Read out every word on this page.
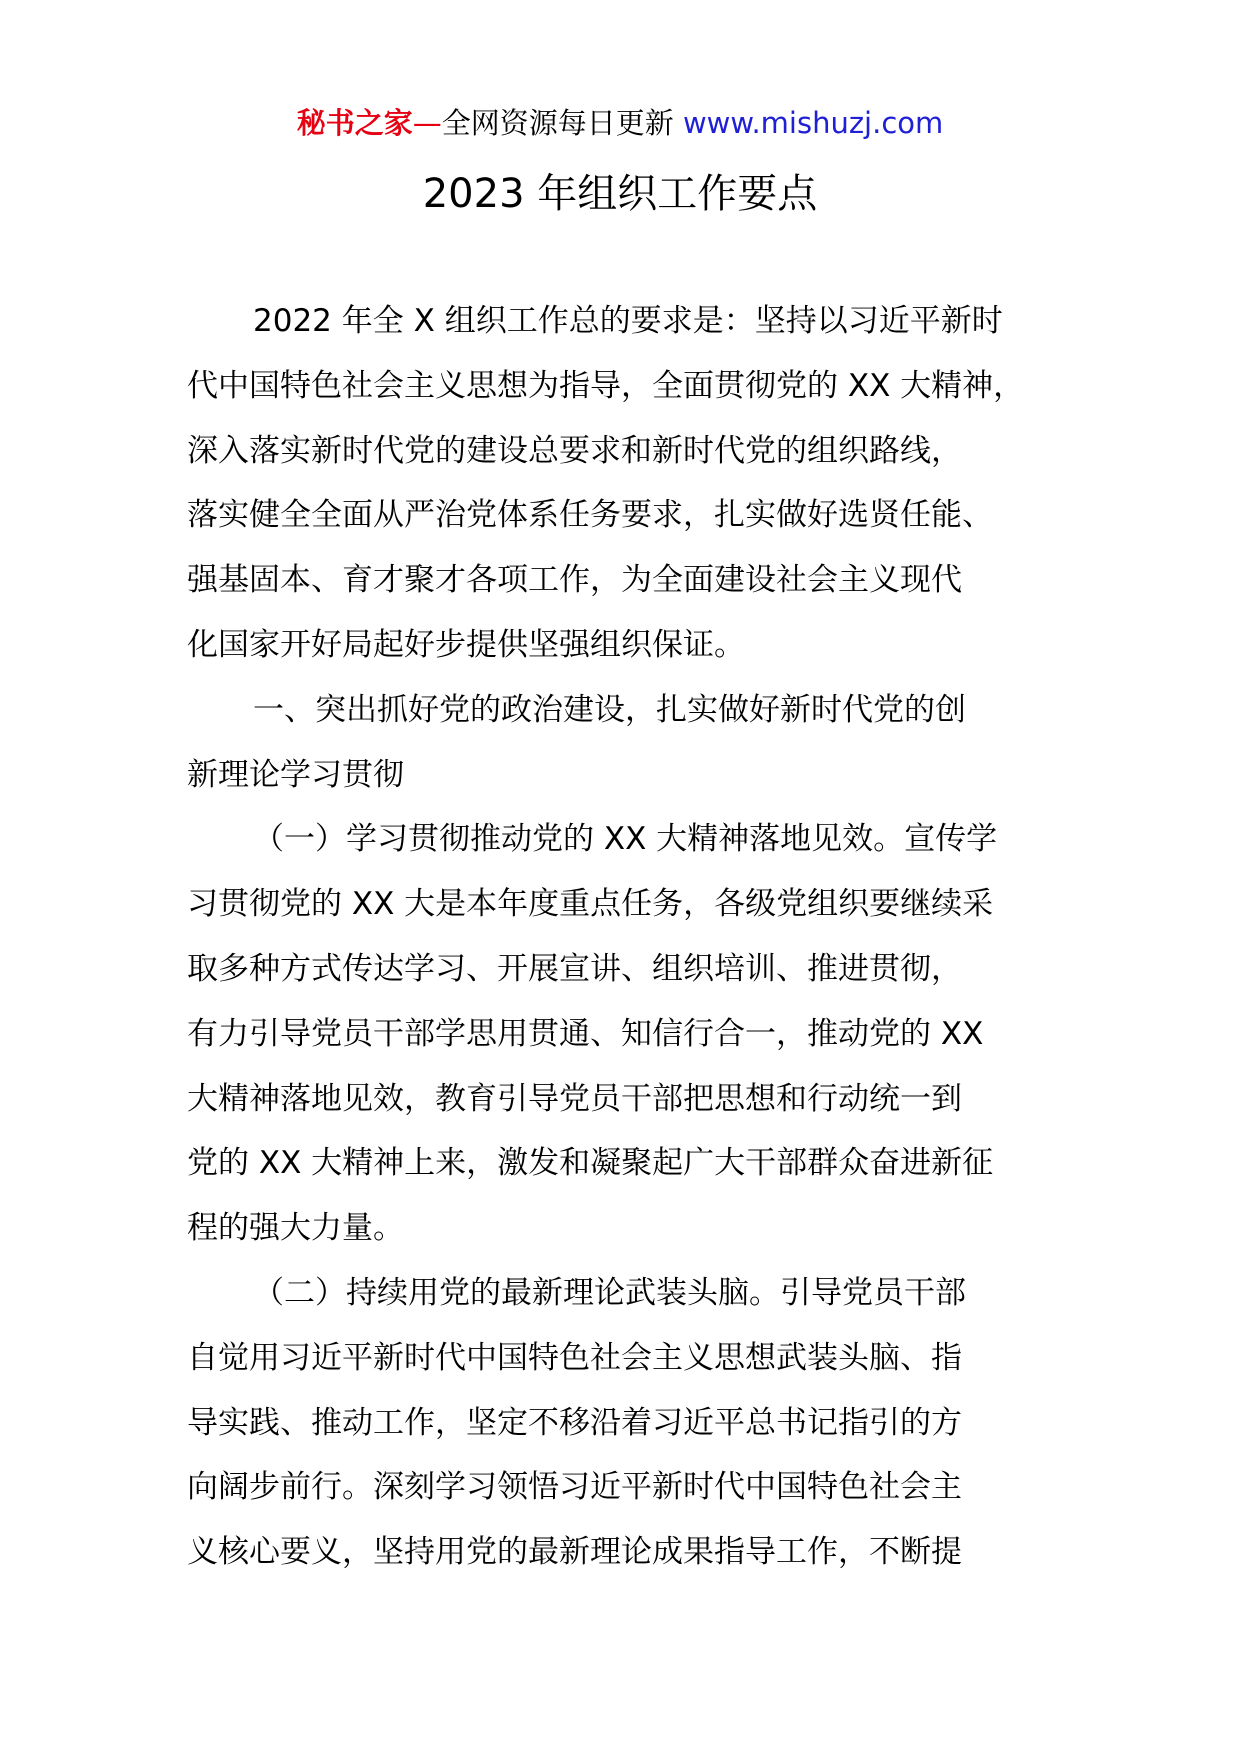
秘书之家—全网资源每日更新 www.mishuzj.com
2023 年组织工作要点
2022 年全 X 组织工作总的要求是：坚持以习近平新时
代中国特色社会主义思想为指导，全面贯彻党的 XX 大精神，
深入落实新时代党的建设总要求和新时代党的组织路线，
落实健全全面从严治党体系任务要求，扎实做好选贤任能、
强基固本、育才聚才各项工作，为全面建设社会主义现代
化国家开好局起好步提供坚强组织保证。
一、突出抓好党的政治建设，扎实做好新时代党的创
新理论学习贯彻
（一）学习贯彻推动党的 XX 大精神落地见效。宣传学
习贯彻党的 XX 大是本年度重点任务，各级党组织要继续采
取多种方式传达学习、开展宣讲、组织培训、推进贯彻，
有力引导党员干部学思用贯通、知信行合一，推动党的 XX
大精神落地见效，教育引导党员干部把思想和行动统一到
党的 XX 大精神上来，激发和凝聚起广大干部群众奋进新征
程的强大力量。
（二）持续用党的最新理论武装头脑。引导党员干部
自觉用习近平新时代中国特色社会主义思想武装头脑、指
导实践、推动工作，坚定不移沿着习近平总书记指引的方
向阔步前行。深刻学习领悟习近平新时代中国特色社会主
义核心要义，坚持用党的最新理论成果指导工作，不断提
